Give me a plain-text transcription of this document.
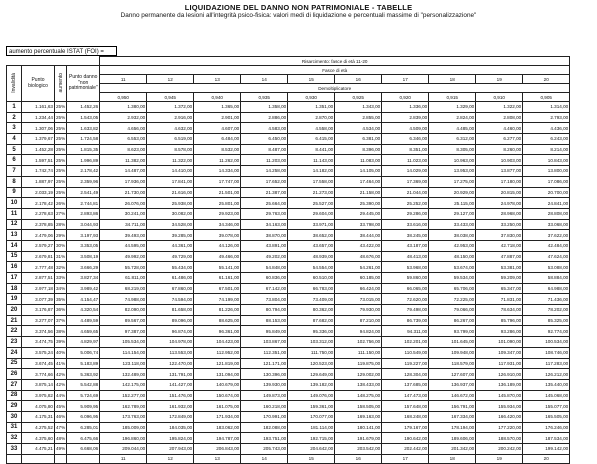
LIQUIDAZIONE DEL DANNO NON PATRIMONIALE - TABELLE
Danno permanente da lesioni all'integrità psico-fisica: valori medi di liquidazione e percentuali massime di "personalizzazione"
aumento percentuale ISTAT (FOI) =
				Risarcimento: fasce di età 11-20									
Invalidità	Punto biologico	aumento	Punto danno "non patrimoniale"	Fasce di età									
				11	12	13	14	15	16	17	18	19	20
				Demoltiplicatore									
				0,950	0,945	0,940	0,935	0,930	0,925	0,920	0,915	0,910	0,905
1	1.161,63	25%	1.452,26	1.380,00	1.372,00	1.365,00	1.358,00	1.351,00	1.343,00	1.336,00	1.329,00	1.322,00	1.314,00
2	1.234,44	25%	1.543,05	2.932,00	2.916,00	2.901,00	2.886,00	2.870,00	2.855,00	2.839,00	2.824,00	2.808,00	2.793,00
3	1.307,06	25%	1.633,82	4.656,00	4.632,00	4.607,00	4.583,00	4.558,00	4.534,00	4.509,00	4.485,00	4.460,00	4.436,00
4	1.379,67	25%	1.724,58	6.553,00	6.519,00	6.484,00	6.450,00	6.415,00	6.381,00	6.346,00	6.312,00	6.277,00	6.243,00
5	1.452,28	25%	1.815,35	8.623,00	8.578,00	8.532,00	8.487,00	8.441,00	8.396,00	8.351,00	8.305,00	8.260,00	8.214,00
6	1.597,51	25%	1.996,89	11.382,00	11.322,00	11.262,00	11.203,00	11.143,00	11.083,00	11.023,00	10.963,00	10.903,00	10.843,00
7	1.742,74	25%	2.178,42	14.487,00	14.410,00	14.334,00	14.258,00	14.182,00	14.105,00	14.029,00	13.953,00	13.877,00	13.800,00
8	1.887,97	25%	2.359,96	17.936,00	17.841,00	17.747,00	17.652,00	17.558,00	17.464,00	17.369,00	17.275,00	17.180,00	17.086,00
9	2.033,19	25%	2.541,49	21.730,00	21.616,00	21.501,00	21.387,00	21.273,00	21.158,00	21.044,00	20.929,00	20.815,00	20.700,00
10	2.178,42	26%	2.744,81	26.076,00	25.938,00	25.801,00	25.664,00	25.527,00	25.390,00	25.252,00	25.115,00	24.978,00	24.841,00
11	2.278,63	27%	2.893,86	30.241,00	30.082,00	29.923,00	29.763,00	29.604,00	29.445,00	29.286,00	29.127,00	28.968,00	28.808,00
12	2.378,85	28%	3.044,93	34.711,00	34.528,00	34.346,00	34.163,00	33.971,00	33.798,00	33.616,00	33.433,00	33.250,00	33.068,00
13	2.479,06	29%	3.197,93	39.493,00	39.285,00	39.078,00	38.870,00	38.652,00	38.444,00	38.245,00	38.038,00	37.830,00	37.622,00
14	2.579,27	30%	3.353,05	44.595,00	44.361,00	44.126,00	43.891,00	43.657,00	43.422,00	43.187,00	42.953,00	42.718,00	42.484,00
15	2.679,81	31%	3.508,19	49.992,00	49.729,00	49.466,00	49.202,00	48.939,00	48.676,00	48.413,00	48.150,00	47.887,00	47.624,00
16	2.777,48	32%	3.666,29	55.728,00	55.434,00	55.141,00	54.848,00	54.554,00	54.261,00	53.968,00	53.674,00	53.381,00	53.088,00
17	2.877,51	33%	3.827,34	61.811,00	61.486,00	61.161,00	60.836,00	60.510,00	60.185,00	59.860,00	59.534,00	59.209,00	58.884,00
18	2.977,18	34%	3.989,42	68.219,00	67.860,00	67.501,00	67.142,00	66.783,00	66.424,00	66.065,00	65.706,00	65.347,00	64.988,00
19	3.077,39	35%	4.154,47	74.988,00	74.594,00	74.199,00	73.804,00	73.409,00	73.015,00	72.620,00	72.225,00	71.831,00	71.436,00
20	3.176,87	36%	4.320,54	82.090,00	81.658,00	81.226,00	80.794,00	80.362,00	79.930,00	79.498,00	79.066,00	78.634,00	78.202,00
21	3.277,07	37%	4.489,59	89.567,00	89.096,00	88.625,00	88.153,00	87.682,00	87.210,00	86.739,00	86.267,00	85.796,00	85.325,00
22	3.374,56	38%	4.659,65	97.387,00	96.874,00	96.361,00	95.849,00	95.336,00	94.824,00	94.311,00	93.799,00	93.286,00	92.774,00
23	3.474,75	39%	4.829,97	105.534,00	104.978,00	104.423,00	103.867,00	103.312,00	102.756,00	102.201,00	101.645,00	101.090,00	100.534,00
24	3.575,24	40%	5.006,74	114.154,00	113.553,00	112.952,00	112.351,00	111.750,00	111.150,00	110.549,00	109.948,00	109.347,00	108.746,00
25	3.674,45	41%	5.183,89	123.118,00	122.470,00	121.819,00	121.171,00	120.523,00	119.875,00	119.227,00	118.579,00	117.931,00	117.283,00
26	3.774,66	42%	5.363,92	132.489,00	131.791,00	131.094,00	130.396,00	129.649,00	129.002,00	128.304,00	127.607,00	126.910,00	126.212,00
27	3.875,14	42%	5.542,88	142.175,00	141.427,00	140.679,00	139.930,00	139.182,00	138.433,00	137.685,00	136.937,00	136.189,00	135.440,00
28	3.975,82	44%	5.724,69	152.277,00	151.476,00	150.674,00	149.873,00	149.076,00	148.275,00	147.473,00	146.672,00	145.870,00	145.068,00
29	4.075,80	45%	5.909,95	162.789,00	161.932,00	161.075,00	160.218,00	159.361,00	158.505,00	157.648,00	156.791,00	155.934,00	155.077,00
30	4.175,31	46%	6.096,95	173.763,00	172.849,00	171.934,00	170.991,00	170.077,00	169.163,00	168.248,00	167.334,00	166.420,00	165.505,00
31	4.275,52	47%	6.285,01	185.009,00	184.035,00	183.062,00	182.088,00	181.114,00	180.141,00	179.167,00	178.194,00	177.220,00	176.246,00
32	4.375,60	48%	6.475,66	196.860,00	195.824,00	194.787,00	193.751,00	192.715,00	191.679,00	190.642,00	189.606,00	188.570,00	187.534,00
33	4.475,21	49%	6.668,06	209.044,00	207.943,00	206.843,00	205.743,00	204.642,00	203.542,00	202.442,00	201.342,00	200.242,00	199.142,00
				11	12	13	14	15	16	17	18	19	20
